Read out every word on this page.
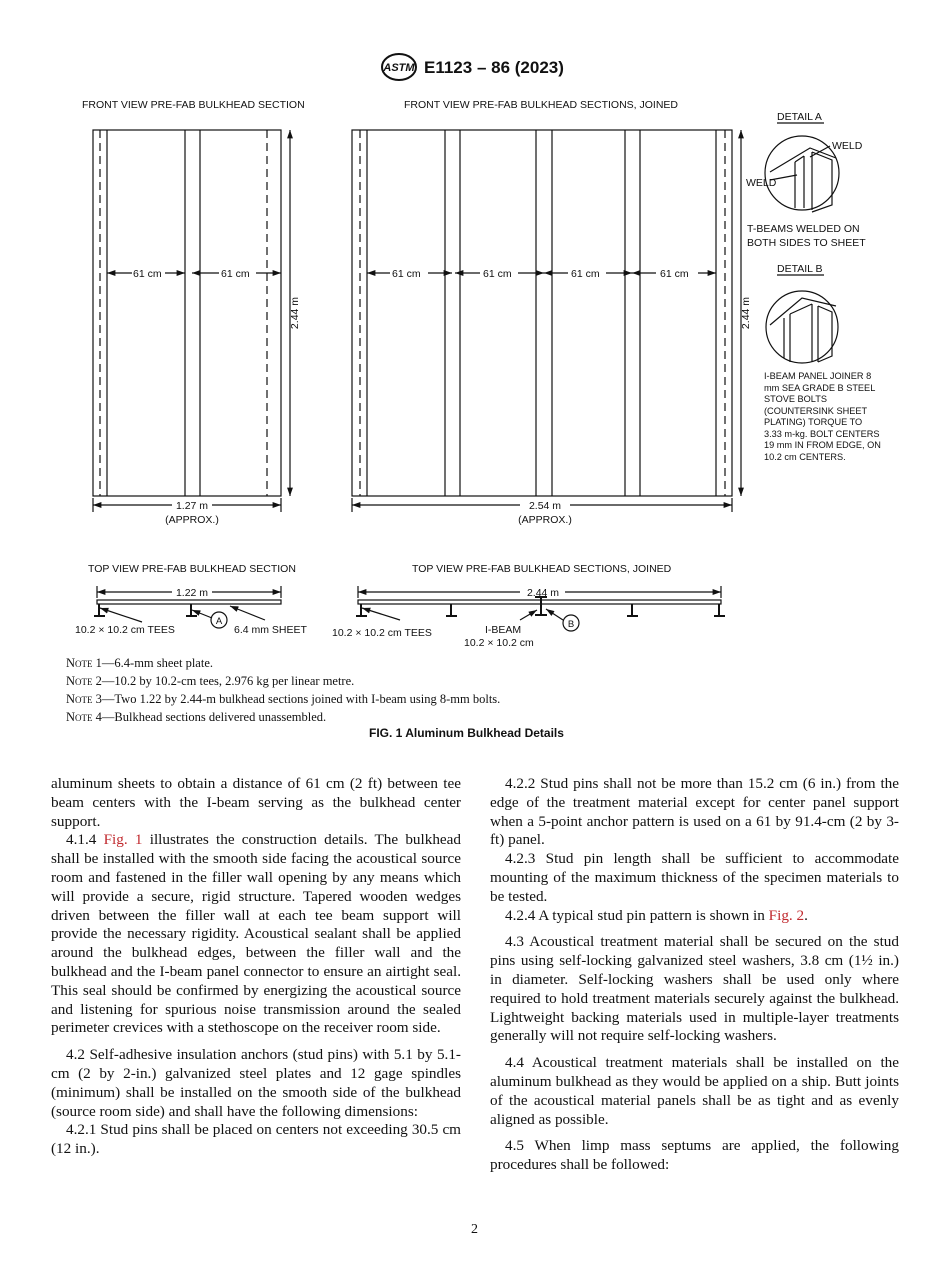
ASTM E1123 – 86 (2023)
FRONT VIEW PRE-FAB BULKHEAD SECTION	FRONT VIEW PRE-FAB BULKHEAD SECTIONS, JOINED
61 cm	61 cm	61 cm	61 cm	61 cm	61 cm
2.44 m	2.44 m
1.27 m
(APPROX.)
2.54 m
(APPROX.)
DETAIL A
WELD
WELD
DETAIL B
TOP VIEW PRE-FAB BULKHEAD SECTION	TOP VIEW PRE-FAB BULKHEAD SECTIONS, JOINED
1.22 m	2.44 m
10.2 × 10.2 cm TEES
A
6.4 mm SHEET 10.2 × 10.2 cm TEES	I-BEAM
10.2 × 10.2 cm
B
T-BEAMS WELDED ON BOTH SIDES TO SHEET
I-BEAM PANEL JOINER 8 mm SEA GRADE B STEEL STOVE BOLTS (COUNTERSINK SHEET PLATING) TORQUE TO 3.33 m-kg. BOLT CENTERS 19 mm IN FROM EDGE, ON 10.2 cm CENTERS.
Note 1—6.4-mm sheet plate.
Note 2—10.2 by 10.2-cm tees, 2.976 kg per linear metre.
Note 3—Two 1.22 by 2.44-m bulkhead sections joined with I-beam using 8-mm bolts.
Note 4—Bulkhead sections delivered unassembled.
FIG. 1 Aluminum Bulkhead Details

aluminum sheets to obtain a distance of 61 cm (2 ft) between tee beam centers with the I-beam serving as the bulkhead center support.

4.1.4 Fig. 1 illustrates the construction details. The bulkhead shall be installed with the smooth side facing the acoustical source room and fastened in the filler wall opening by any means which will provide a secure, rigid structure. Tapered wooden wedges driven between the filler wall at each tee beam support will provide the necessary rigidity. Acoustical sealant shall be applied around the bulkhead edges, between the filler wall and the bulkhead and the I-beam panel connector to ensure an airtight seal. This seal should be confirmed by energizing the acoustical source and listening for spurious noise transmission around the sealed perimeter crevices with a stethoscope on the receiver room side.

4.2 Self-adhesive insulation anchors (stud pins) with 5.1 by 5.1-cm (2 by 2-in.) galvanized steel plates and 12 gage spindles (minimum) shall be installed on the smooth side of the bulkhead (source room side) and shall have the following dimensions:

4.2.1 Stud pins shall be placed on centers not exceeding 30.5 cm (12 in.).

4.2.2 Stud pins shall not be more than 15.2 cm (6 in.) from the edge of the treatment material except for center panel support when a 5-point anchor pattern is used on a 61 by 91.4-cm (2 by 3-ft) panel.

4.2.3 Stud pin length shall be sufficient to accommodate mounting of the maximum thickness of the specimen materials to be tested.

4.2.4 A typical stud pin pattern is shown in Fig. 2.

4.3 Acoustical treatment material shall be secured on the stud pins using self-locking galvanized steel washers, 3.8 cm (1½ in.) in diameter. Self-locking washers shall be used only where required to hold treatment materials securely against the bulkhead. Lightweight backing materials used in multiple-layer treatments generally will not require self-locking washers.

4.4 Acoustical treatment materials shall be installed on the aluminum bulkhead as they would be applied on a ship. Butt joints of the acoustical material panels shall be as tight and as evenly aligned as possible.

4.5 When limp mass septums are applied, the following procedures shall be followed:

2
